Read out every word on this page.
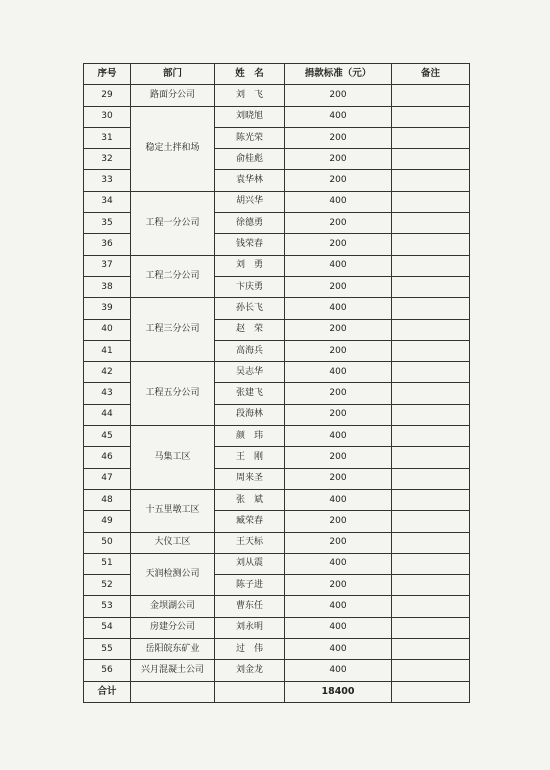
序号	部门	姓　名	捐款标准（元）	备注
29	路面分公司	刘　飞	200	
30	稳定土拌和场	刘晓旭	400	
31		陈光荣	200	
32		俞桂彪	200	
33		袁华林	200	
34	工程一分公司	胡兴华	400	
35		徐德勇	200	
36		钱荣春	200	
37	工程二分公司	刘　勇	400	
38		卞庆勇	200	
39	工程三分公司	孙长飞	400	
40		赵　荣	200	
41		高海兵	200	
42	工程五分公司	吴志华	400	
43		张建飞	200	
44		段海林	200	
45	马集工区	颜　玮	400	
46		王　刚	200	
47		周来圣	200	
48	十五里墩工区	张　斌	400	
49		臧荣春	200	
50	大仪工区	王天标	200	
51	天润检测公司	刘从震	400	
52		陈子进	200	
53	金坝湖公司	曹东任	400	
54	房建分公司	刘永明	400	
55	岳阳皖东矿业	过　伟	400	
56	兴月混凝土公司	刘金龙	400	
合计			18400	
